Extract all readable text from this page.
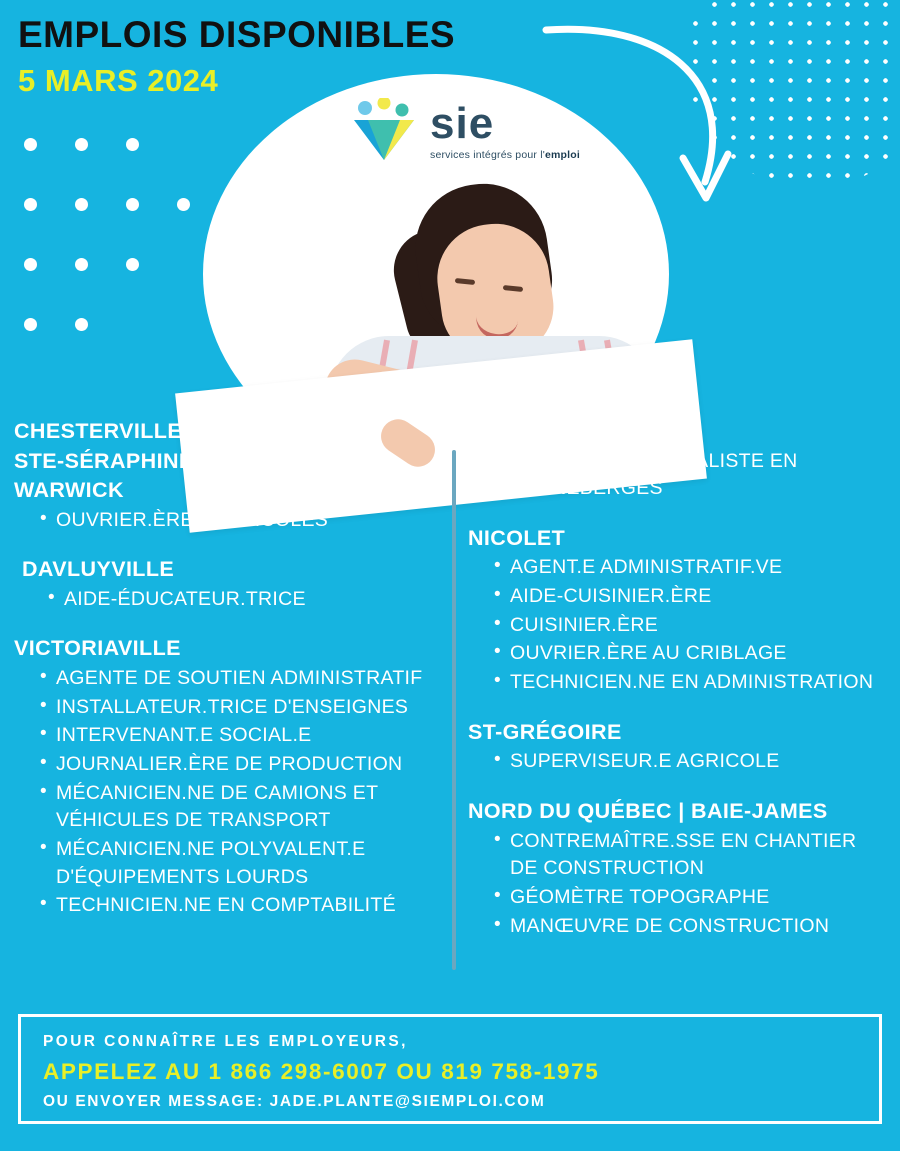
EMPLOIS DISPONIBLES
5 MARS 2024
sie
services intégrés pour l'emploi
CHESTERVILLE
STE-SÉRAPHINIE | ST-NORBERT
WARWICK
• OUVRIER.ÈRES AGRICOLES
DAVLUYVILLE
• AIDE-ÉDUCATEUR.TRICE
VICTORIAVILLE
• AGENTE DE SOUTIEN ADMINISTRATIF
• INSTALLATEUR.TRICE D'ENSEIGNES
• INTERVENANT.E SOCIAL.E
• JOURNALIER.ÈRE DE PRODUCTION
• MÉCANICIEN.NE DE CAMIONS ET VÉHICULES DE TRANSPORT
• MÉCANICIEN.NE POLYVALENT.E D'ÉQUIPEMENTS LOURDS
• TECHNICIEN.NE EN COMPTABILITÉ
MANSEAU
• MANŒUVRE SPÉCIALISTE EN CANNEBERGES
NICOLET
• AGENT.E ADMINISTRATIF.VE
• AIDE-CUISINIER.ÈRE
• CUISINIER.ÈRE
• OUVRIER.ÈRE AU CRIBLAGE
• TECHNICIEN.NE EN ADMINISTRATION
ST-GRÉGOIRE
• SUPERVISEUR.E AGRICOLE
NORD DU QUÉBEC | BAIE-JAMES
• CONTREMAÎTRE.SSE EN CHANTIER DE CONSTRUCTION
• GÉOMÈTRE TOPOGRAPHE
• MANŒUVRE DE CONSTRUCTION
POUR CONNAÎTRE LES EMPLOYEURS,
APPELEZ AU 1 866 298-6007 OU 819 758-1975
OU ENVOYER MESSAGE: JADE.PLANTE@SIEMPLOI.COM
